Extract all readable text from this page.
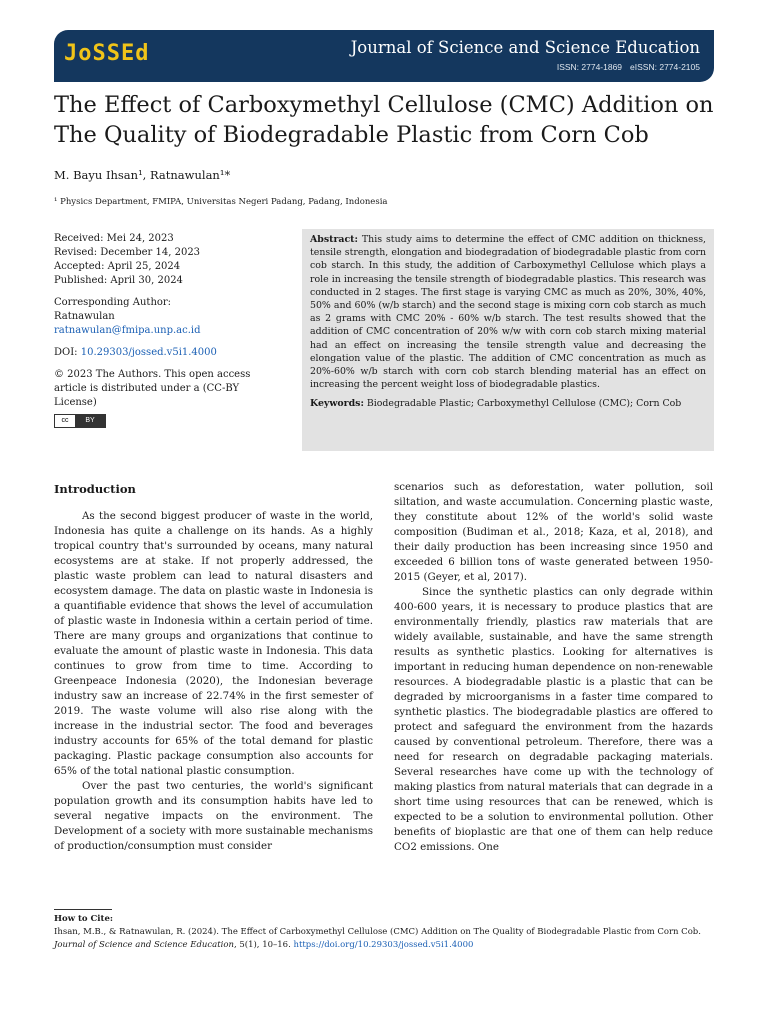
JoSSEd	Journal of Science and Science Education
ISSN: 2774-1869 eISSN: 2774-2105
The Effect of Carboxymethyl Cellulose (CMC) Addition on The Quality of Biodegradable Plastic from Corn Cob
M. Bayu Ihsan¹, Ratnawulan¹*
¹ Physics Department, FMIPA, Universitas Negeri Padang, Padang, Indonesia
Received: Mei 24, 2023
Revised: December 14, 2023
Accepted: April 25, 2024
Published: April 30, 2024
Corresponding Author:
Ratnawulan
ratnawulan@fmipa.unp.ac.id
DOI: 10.29303/jossed.v5i1.4000
© 2023 The Authors. This open access article is distributed under a (CC-BY License)
cc	BY
Abstract: This study aims to determine the effect of CMC addition on thickness, tensile strength, elongation and biodegradation of biodegradable plastic from corn cob starch. In this study, the addition of Carboxymethyl Cellulose which plays a role in increasing the tensile strength of biodegradable plastics. This research was conducted in 2 stages. The first stage is varying CMC as much as 20%, 30%, 40%, 50% and 60% (w/b starch) and the second stage is mixing corn cob starch as much as 2 grams with CMC 20% - 60% w/b starch. The test results showed that the addition of CMC concentration of 20% w/w with corn cob starch mixing material had an effect on increasing the tensile strength value and decreasing the elongation value of the plastic. The addition of CMC concentration as much as 20%-60% w/b starch with corn cob starch blending material has an effect on increasing the percent weight loss of biodegradable plastics.
Keywords: Biodegradable Plastic; Carboxymethyl Cellulose (CMC); Corn Cob
Introduction

As the second biggest producer of waste in the world, Indonesia has quite a challenge on its hands. As a highly tropical country that's surrounded by oceans, many natural ecosystems are at stake. If not properly addressed, the plastic waste problem can lead to natural disasters and ecosystem damage. The data on plastic waste in Indonesia is a quantifiable evidence that shows the level of accumulation of plastic waste in Indonesia within a certain period of time. There are many groups and organizations that continue to evaluate the amount of plastic waste in Indonesia. This data continues to grow from time to time. According to Greenpeace Indonesia (2020), the Indonesian beverage industry saw an increase of 22.74% in the first semester of 2019. The waste volume will also rise along with the increase in the industrial sector. The food and beverages industry accounts for 65% of the total demand for plastic packaging. Plastic package consumption also accounts for 65% of the total national plastic consumption.

Over the past two centuries, the world's significant population growth and its consumption habits have led to several negative impacts on the environment. The Development of a society with more sustainable mechanisms of production/consumption must consider

scenarios such as deforestation, water pollution, soil siltation, and waste accumulation. Concerning plastic waste, they constitute about 12% of the world's solid waste composition (Budiman et al., 2018; Kaza, et al, 2018), and their daily production has been increasing since 1950 and exceeded 6 billion tons of waste generated between 1950-2015 (Geyer, et al, 2017).

Since the synthetic plastics can only degrade within 400-600 years, it is necessary to produce plastics that are environmentally friendly, plastics raw materials that are widely available, sustainable, and have the same strength results as synthetic plastics. Looking for alternatives is important in reducing human dependence on non-renewable resources. A biodegradable plastic is a plastic that can be degraded by microorganisms in a faster time compared to synthetic plastics. The biodegradable plastics are offered to protect and safeguard the environment from the hazards caused by conventional petroleum. Therefore, there was a need for research on degradable packaging materials. Several researches have come up with the technology of making plastics from natural materials that can degrade in a short time using resources that can be renewed, which is expected to be a solution to environmental pollution. Other benefits of bioplastic are that one of them can help reduce CO2 emissions. One

How to Cite:
Ihsan, M.B., & Ratnawulan, R. (2024). The Effect of Carboxymethyl Cellulose (CMC) Addition on The Quality of Biodegradable Plastic from Corn Cob. Journal of Science and Science Education, 5(1), 10–16. https://doi.org/10.29303/jossed.v5i1.4000
